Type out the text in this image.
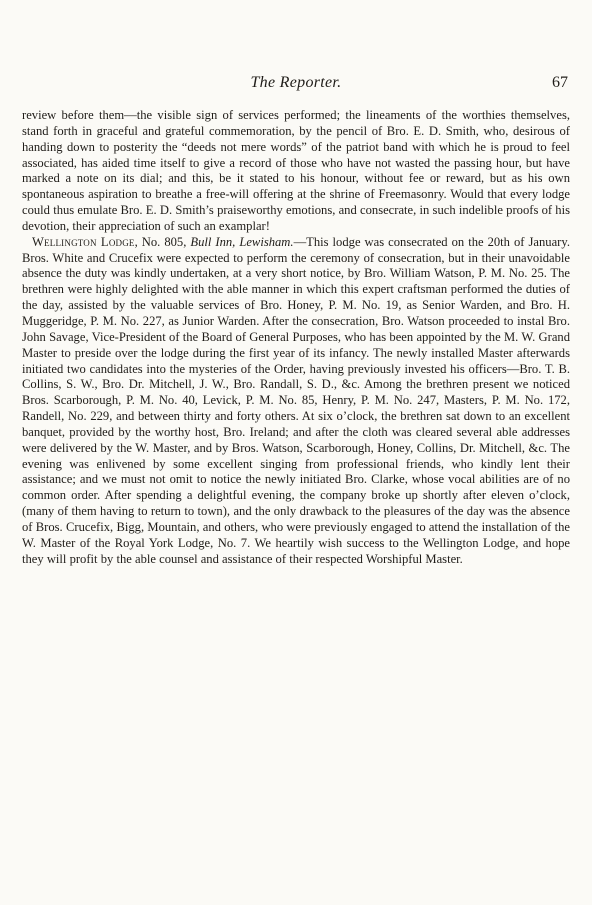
The Reporter.	67

review before them—the visible sign of services performed; the lineaments of the worthies themselves, stand forth in graceful and grateful commemoration, by the pencil of Bro. E. D. Smith, who, desirous of handing down to posterity the “deeds not mere words” of the patriot band with which he is proud to feel associated, has aided time itself to give a record of those who have not wasted the passing hour, but have marked a note on its dial; and this, be it stated to his honour, without fee or reward, but as his own spontaneous aspiration to breathe a free-will offering at the shrine of Freemasonry. Would that every lodge could thus emulate Bro. E. D. Smith’s praiseworthy emotions, and consecrate, in such indelible proofs of his devotion, their appreciation of such an examplar!

Wellington Lodge, No. 805, Bull Inn, Lewisham.—This lodge was consecrated on the 20th of January. Bros. White and Crucefix were expected to perform the ceremony of consecration, but in their unavoidable absence the duty was kindly undertaken, at a very short notice, by Bro. William Watson, P. M. No. 25. The brethren were highly delighted with the able manner in which this expert craftsman performed the duties of the day, assisted by the valuable services of Bro. Honey, P. M. No. 19, as Senior Warden, and Bro. H. Muggeridge, P. M. No. 227, as Junior Warden. After the consecration, Bro. Watson proceeded to instal Bro. John Savage, Vice-President of the Board of General Purposes, who has been appointed by the M. W. Grand Master to preside over the lodge during the first year of its infancy. The newly installed Master afterwards initiated two candidates into the mysteries of the Order, having previously invested his officers—Bro. T. B. Collins, S. W., Bro. Dr. Mitchell, J. W., Bro. Randall, S. D., &c. Among the brethren present we noticed Bros. Scarborough, P. M. No. 40, Levick, P. M. No. 85, Henry, P. M. No. 247, Masters, P. M. No. 172, Randell, No. 229, and between thirty and forty others. At six o’clock, the brethren sat down to an excellent banquet, provided by the worthy host, Bro. Ireland; and after the cloth was cleared several able addresses were delivered by the W. Master, and by Bros. Watson, Scarborough, Honey, Collins, Dr. Mitchell, &c. The evening was enlivened by some excellent singing from professional friends, who kindly lent their assistance; and we must not omit to notice the newly initiated Bro. Clarke, whose vocal abilities are of no common order. After spending a delightful evening, the company broke up shortly after eleven o’clock, (many of them having to return to town), and the only drawback to the pleasures of the day was the absence of Bros. Crucefix, Bigg, Mountain, and others, who were previously engaged to attend the installation of the W. Master of the Royal York Lodge, No. 7. We heartily wish success to the Wellington Lodge, and hope they will profit by the able counsel and assistance of their respected Worshipful Master.
